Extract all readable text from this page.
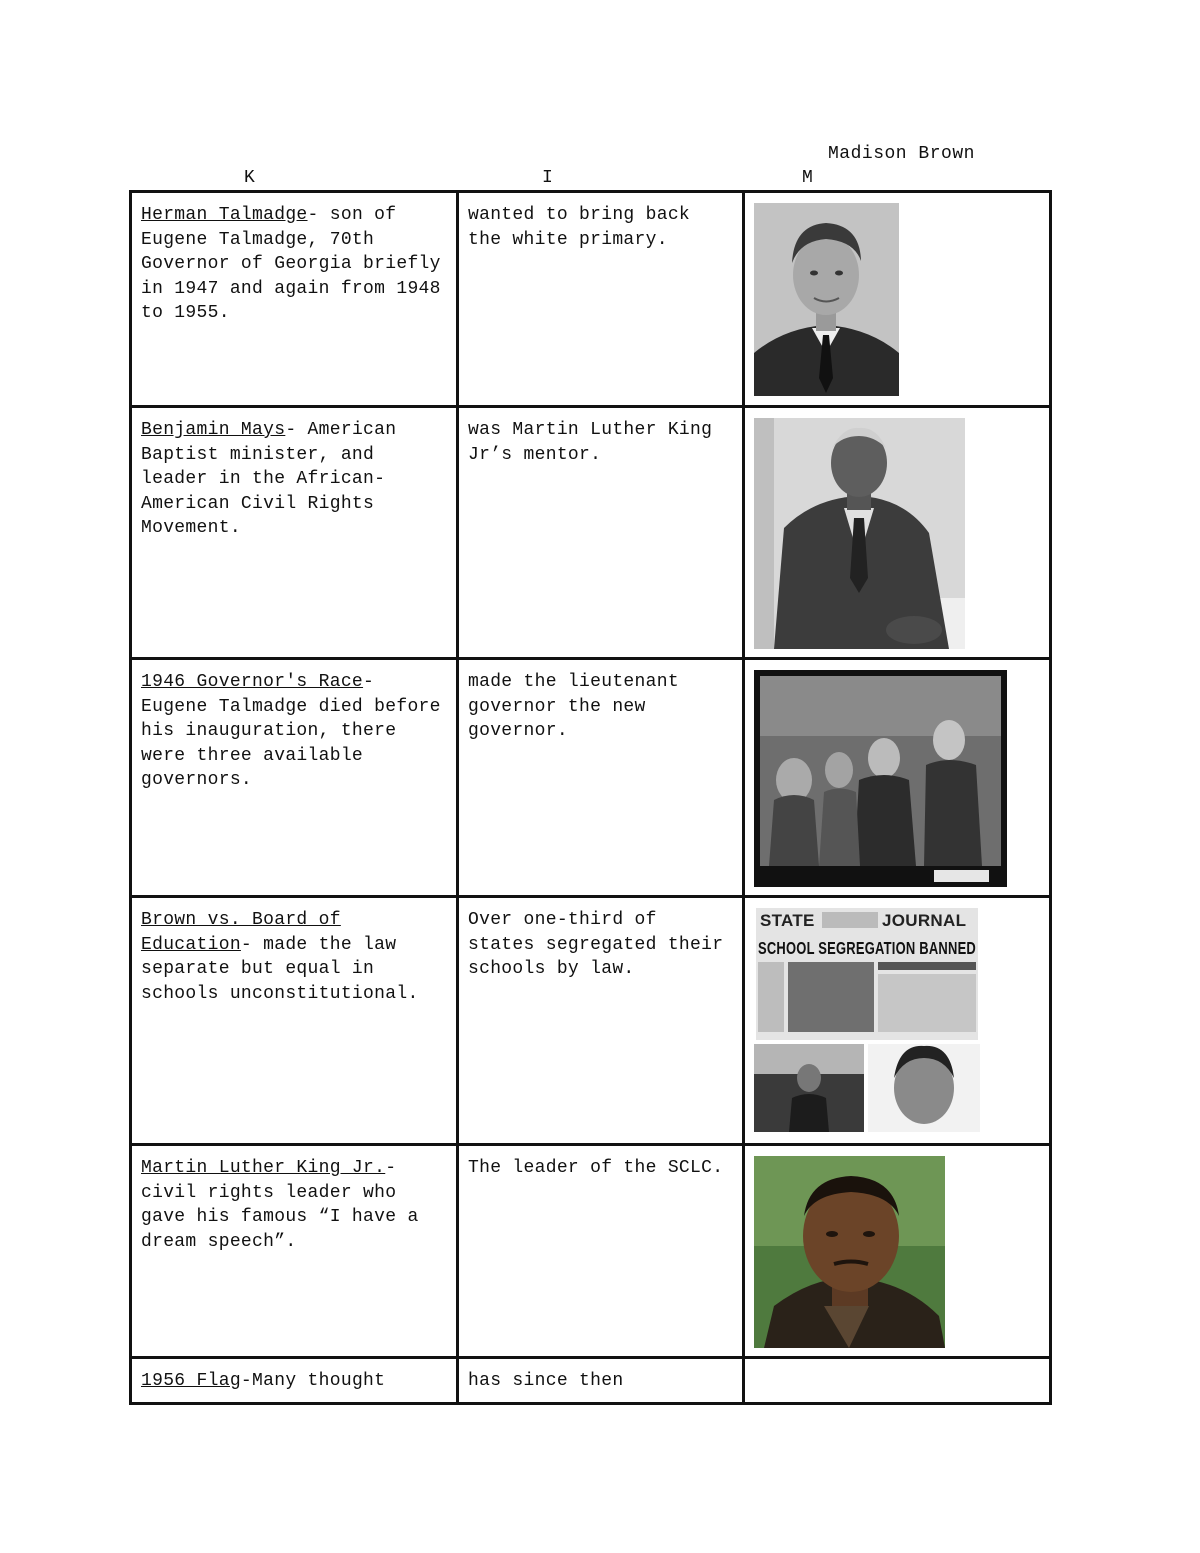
Madison Brown
K	I	M
Herman Talmadge- son of Eugene Talmadge, 70th Governor of Georgia briefly in 1947 and again from 1948 to 1955.	wanted to bring back the white primary.	

Benjamin Mays- American Baptist minister, and leader in the African-American Civil Rights Movement.	was Martin Luther King Jr’s mentor.	

1946 Governor's Race- Eugene Talmadge died before his inauguration, there were three available governors.	made the lieutenant governor the new governor.	

Brown vs. Board of Education- made the law separate but equal in schools unconstitutional.	Over one-third of states segregated their schools by law.	STATE JOURNAL
SCHOOL SEGREGATION BANNED

Martin Luther King Jr.- civil rights leader who gave his famous “I have a dream speech”.	The leader of the SCLC.	

1956 Flag-Many thought	has since then	
